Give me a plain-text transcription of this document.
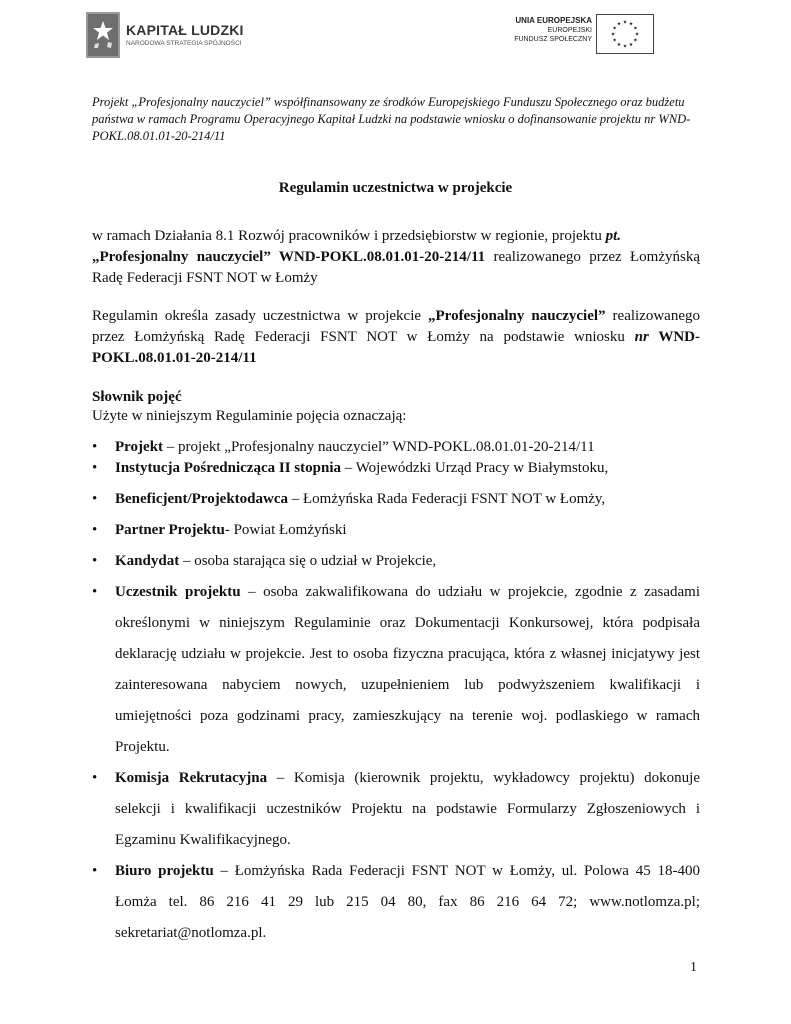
KAPITAŁ LUDZKI
NARODOWA STRATEGIA SPÓJNOŚCI
UNIA EUROPEJSKA
EUROPEJSKI
FUNDUSZ SPOŁECZNY
Projekt „Profesjonalny nauczyciel” współfinansowany ze środków Europejskiego Funduszu Społecznego oraz budżetu państwa w ramach Programu Operacyjnego Kapitał Ludzki na podstawie wniosku o dofinansowanie projektu nr WND-POKL.08.01.01-20-214/11
Regulamin uczestnictwa w projekcie
w ramach Działania 8.1 Rozwój pracowników i przedsiębiorstw w regionie, projektu pt.
„Profesjonalny nauczyciel” WND-POKL.08.01.01-20-214/11 realizowanego przez Łomżyńską Radę Federacji FSNT NOT w Łomży
Regulamin określa zasady uczestnictwa w projekcie „Profesjonalny nauczyciel” realizowanego przez Łomżyńską Radę Federacji FSNT NOT w Łomży na podstawie wniosku nr WND-POKL.08.01.01-20-214/11
Słownik pojęć
Użyte w niniejszym Regulaminie pojęcia oznaczają:
• Projekt – projekt „Profesjonalny nauczyciel” WND-POKL.08.01.01-20-214/11
• Instytucja Pośrednicząca II stopnia – Wojewódzki Urząd Pracy w Białymstoku,
• Beneficjent/Projektodawca – Łomżyńska Rada Federacji FSNT NOT w Łomży,
• Partner Projektu- Powiat Łomżyński
• Kandydat – osoba starająca się o udział w Projekcie,
• Uczestnik projektu – osoba zakwalifikowana do udziału w projekcie, zgodnie z zasadami określonymi w niniejszym Regulaminie oraz Dokumentacji Konkursowej, która podpisała deklarację udziału w projekcie. Jest to osoba fizyczna pracująca, która z własnej inicjatywy jest zainteresowana nabyciem nowych, uzupełnieniem lub podwyższeniem kwalifikacji i umiejętności poza godzinami pracy, zamieszkujący na terenie woj. podlaskiego w ramach Projektu.
• Komisja Rekrutacyjna – Komisja (kierownik projektu, wykładowcy projektu) dokonuje selekcji i kwalifikacji uczestników Projektu na podstawie Formularzy Zgłoszeniowych i Egzaminu Kwalifikacyjnego.
• Biuro projektu – Łomżyńska Rada Federacji FSNT NOT w Łomży, ul. Polowa 45 18-400 Łomża tel. 86 216 41 29 lub 215 04 80, fax 86 216 64 72; www.notlomza.pl; sekretariat@notlomza.pl.
1
